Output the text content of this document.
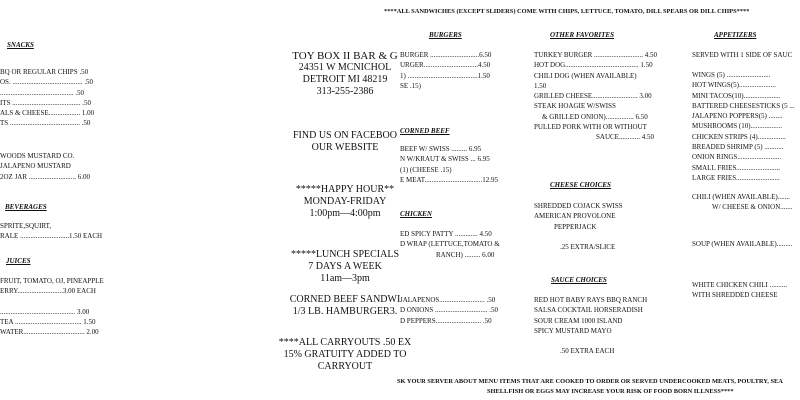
****ALL SANDWICHES (EXCEPT SLIDERS) COME WITH CHIPS, LETTUCE, TOMATO, DILL SPEARS OR DILL CHIPS****
SNACKS
BQ OR REGULAR CHIPS .50
OS. ........................................ .50
.......................................... .50
ITS ....................................... .50
ALS & CHEESE.................. 1.00
TS ........................................ .50
WOODS MUSTARD CO.
JALAPENO MUSTARD
2OZ JAR ........................... 6.00
BEVERAGES
SPRITE,SQUIRT,
RALE ............................1.50 EACH
JUICES
FRUIT, TOMATO, OJ, PINEAPPLE
ERRY..........................3.00 EACH

........................................... 3.00
TEA ...................................... 1.50
WATER................................... 2.00
TOY BOX II BAR & G
24351 W MCNICHOL
DETROIT MI 48219
313-255-2386
FIND US ON FACEBOO
OUR WEBSITE
*****HAPPY HOUR**
MONDAY-FRIDAY
1:00pm—4:00pm
*****LUNCH SPECIALS
7 DAYS A WEEK
11am—3pm
CORNED BEEF SANDWI
1/3 LB. HAMBURGER3.
****ALL CARRYOUTS .50 EX
15% GRATUITY ADDED TO
CARRYOUT
BURGERS
BURGER ............................6.50
URGER...............................4.50
1) ........................................1.50
SE .15)
CORNED BEEF
BEEF W/ SWISS ......... 6.95
N W/KRAUT & SWISS ... 6.95
(1) (CHEESE .15)
E MEAT.................................12.95
CHICKEN
ED SPICY PATTY ............. 4.50
D WRAP (LETTUCE,TOMATO &
RANCH) ......... 6.00
JALAPENOS.......................... .50
D ONIONS .............................. .50
D PEPPERS.......................... .50
OTHER FAVORITES
TURKEY BURGER ............................ 4.50
HOT DOG.......................................... 1.50
CHILI DOG (WHEN AVAILABLE)
1.50
GRILLED CHEESE.......................... 3.00
STEAK HOAGIE W/SWISS
& GRILLED ONION)................ 6.50
PULLED PORK WITH OR WITHOUT
SAUCE............ 4.50
CHEESE CHOICES
SHREDDED COJACK SWISS
AMERICAN PROVOLONE
PEPPERJACK

.25 EXTRA/SLICE
SAUCE CHOICES
RED HOT BABY RAYS BBQ RANCH
SALSA COCKTAIL HORSERADISH
SOUR CREAM 1000 ISLAND
SPICY MUSTARD MAYO

.50 EXTRA EACH
APPETIZERS
SERVED WITH 1 SIDE OF SAUC
WINGS (5) .........................
HOT WINGS(5).....................
MINI TACOS(10).....................
BATTERED CHEESESTICKS (5 ...
JALAPENO POPPERS(5) ........
MUSHROOMS (10)..................
CHICKEN STRIPS (4)................
BREADED SHRIMP (5) ...........
ONION RINGS.........................
SMALL FRIES.........................
LARGE FRIES.........................
CHILI (WHEN AVAILABLE).......
W/ CHEESE & ONION.......
SOUP (WHEN AVAILABLE).........
WHITE CHICKEN CHILI ..........
WITH SHREDDED CHEESE
SK YOUR SERVER ABOUT MENU ITEMS THAT ARE COOKED TO ORDER OR SERVED UNDERCOOKED MEATS, POULTRY, SEA
SHELLFISH OR EGGS MAY INCREASE YOUR RISK OF FOOD BORN ILLNESS****
